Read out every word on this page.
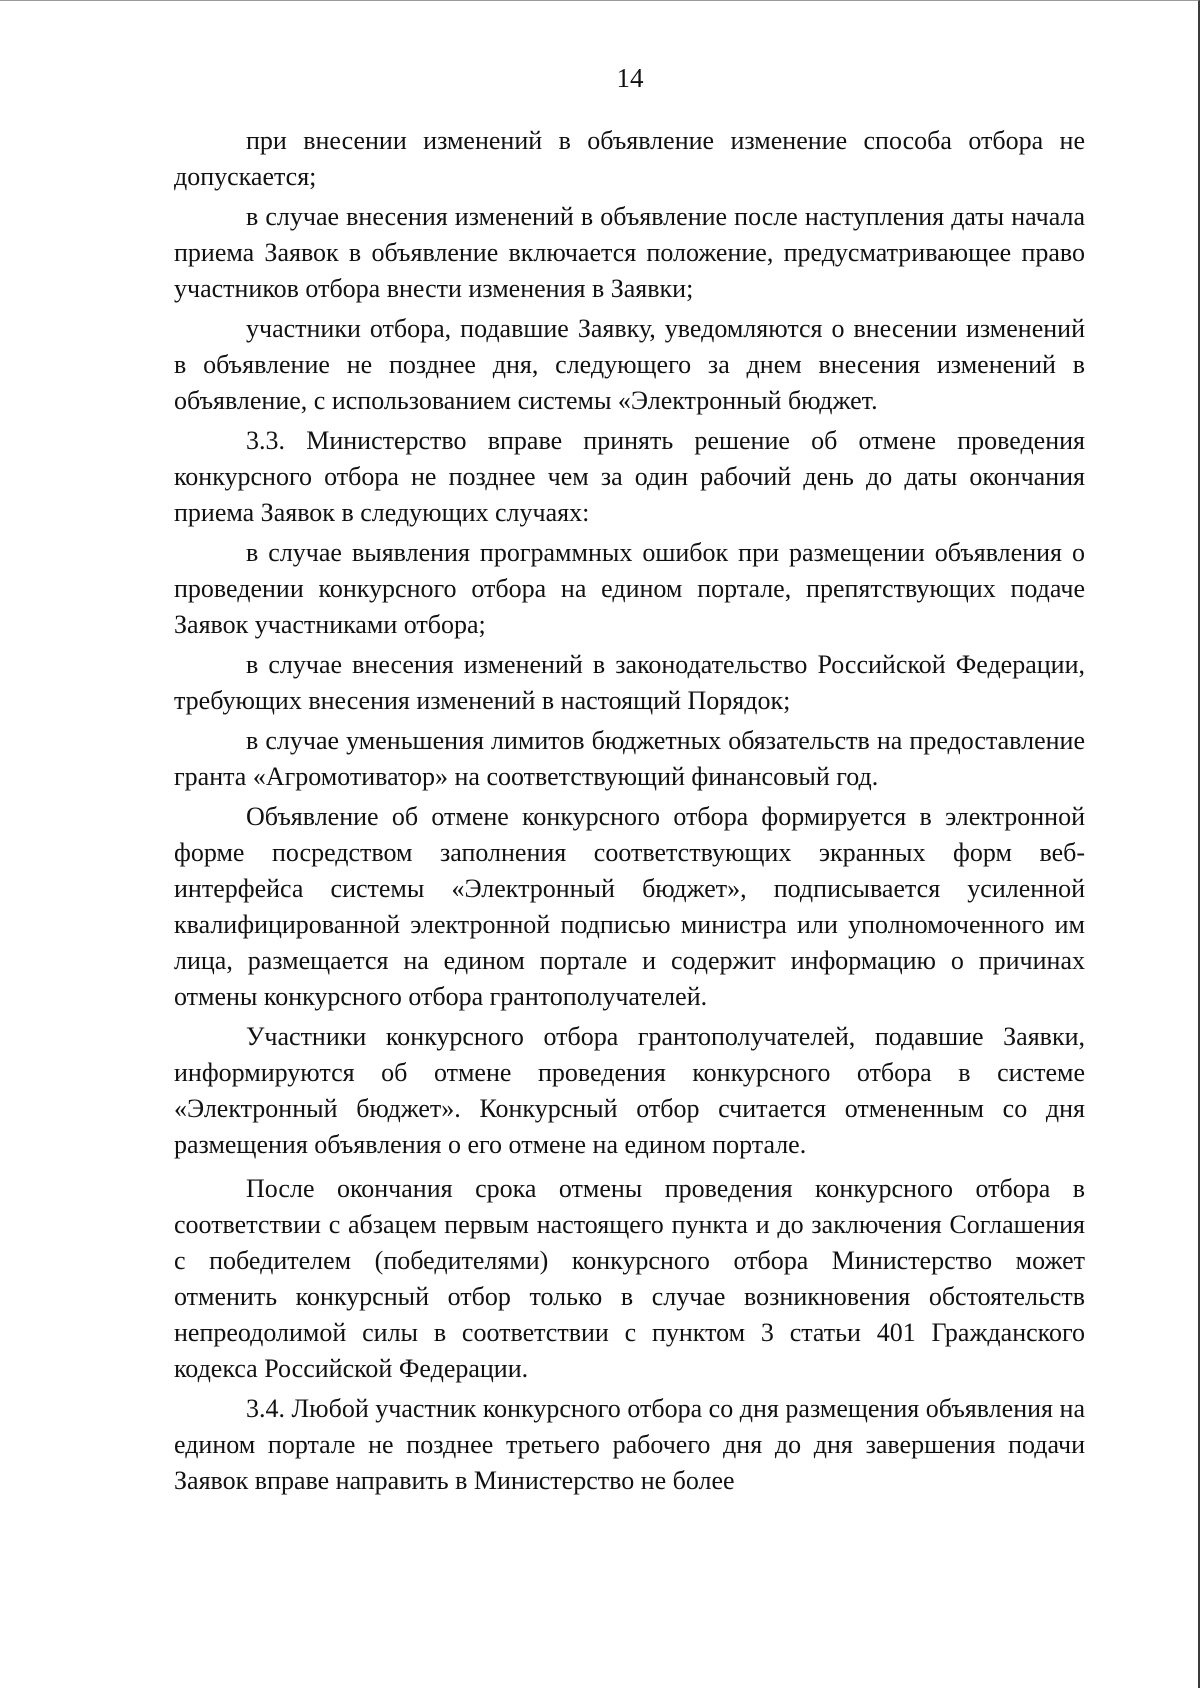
14

при внесении изменений в объявление изменение способа отбора не допускается;

в случае внесения изменений в объявление после наступления даты начала приема Заявок в объявление включается положение, предусматривающее право участников отбора внести изменения в Заявки;

участники отбора, подавшие Заявку, уведомляются о внесении изменений в объявление не позднее дня, следующего за днем внесения изменений в объявление, с использованием системы «Электронный бюджет.

3.3. Министерство вправе принять решение об отмене проведения конкурсного отбора не позднее чем за один рабочий день до даты окончания приема Заявок в следующих случаях:

в случае выявления программных ошибок при размещении объявления о проведении конкурсного отбора на едином портале, препятствующих подаче Заявок участниками отбора;

в случае внесения изменений в законодательство Российской Федерации, требующих внесения изменений в настоящий Порядок;

в случае уменьшения лимитов бюджетных обязательств на предоставление гранта «Агромотиватор» на соответствующий финансовый год.

Объявление об отмене конкурсного отбора формируется в электронной форме посредством заполнения соответствующих экранных форм веб-интерфейса системы «Электронный бюджет», подписывается усиленной квалифицированной электронной подписью министра или уполномоченного им лица, размещается на едином портале и содержит информацию о причинах отмены конкурсного отбора грантополучателей.

Участники конкурсного отбора грантополучателей, подавшие Заявки, информируются об отмене проведения конкурсного отбора в системе «Электронный бюджет». Конкурсный отбор считается отмененным со дня размещения объявления о его отмене на едином портале.

После окончания срока отмены проведения конкурсного отбора в соответствии с абзацем первым настоящего пункта и до заключения Соглашения с победителем (победителями) конкурсного отбора Министерство может отменить конкурсный отбор только в случае возникновения обстоятельств непреодолимой силы в соответствии с пунктом 3 статьи 401 Гражданского кодекса Российской Федерации.

3.4. Любой участник конкурсного отбора со дня размещения объявления на едином портале не позднее третьего рабочего дня до дня завершения подачи Заявок вправе направить в Министерство не более
